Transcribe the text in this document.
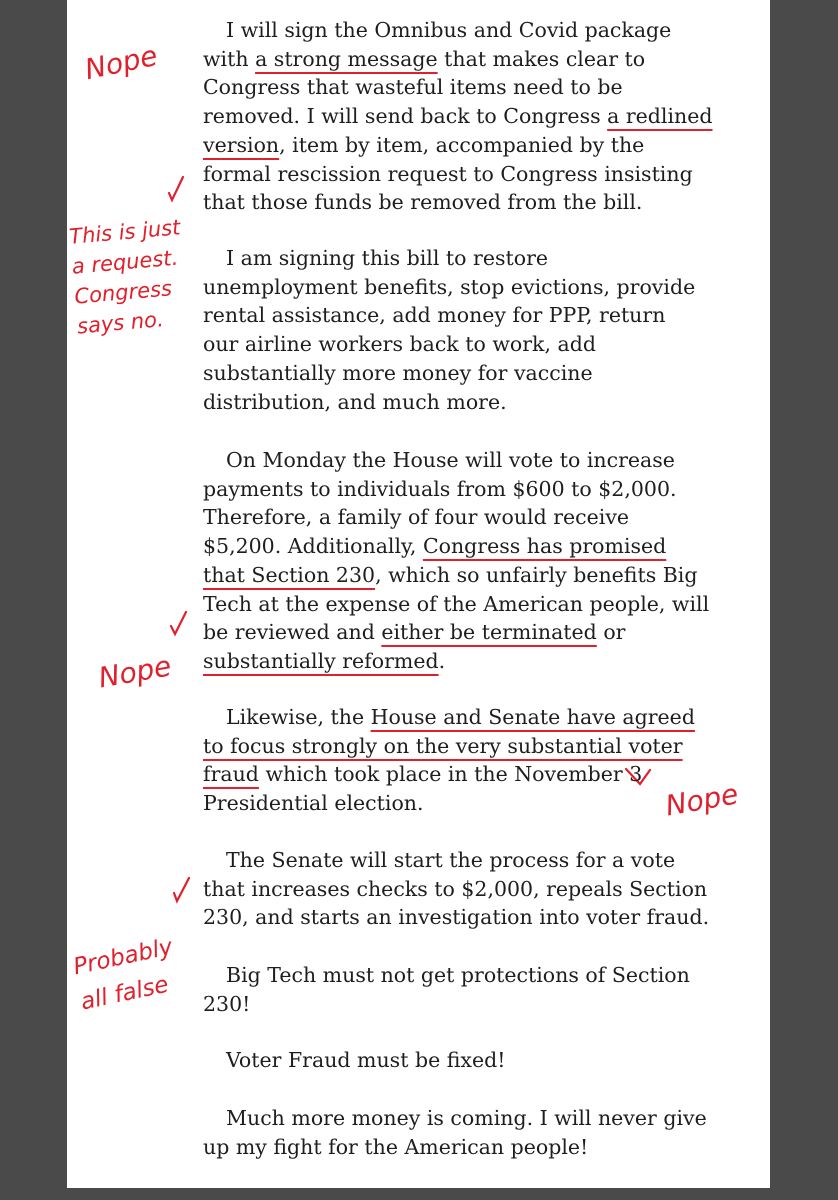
I will sign the Omnibus and Covid package
with a strong message that makes clear to
Congress that wasteful items need to be
removed. I will send back to Congress a redlined
version, item by item, accompanied by the
formal rescission request to Congress insisting
that those funds be removed from the bill.

I am signing this bill to restore
unemployment benefits, stop evictions, provide
rental assistance, add money for PPP, return
our airline workers back to work, add
substantially more money for vaccine
distribution, and much more.

On Monday the House will vote to increase
payments to individuals from $600 to $2,000.
Therefore, a family of four would receive
$5,200. Additionally, Congress has promised
that Section 230, which so unfairly benefits Big
Tech at the expense of the American people, will
be reviewed and either be terminated or
substantially reformed.

Likewise, the House and Senate have agreed
to focus strongly on the very substantial voter
fraud which took place in the November 3
Presidential election.

The Senate will start the process for a vote
that increases checks to $2,000, repeals Section
230, and starts an investigation into voter fraud.

Big Tech must not get protections of Section
230!

Voter Fraud must be fixed!

Much more money is coming. I will never give
up my fight for the American people!

Nope

This is just
a request.
Congress
says no.

Nope

Nope

Probably
all false
